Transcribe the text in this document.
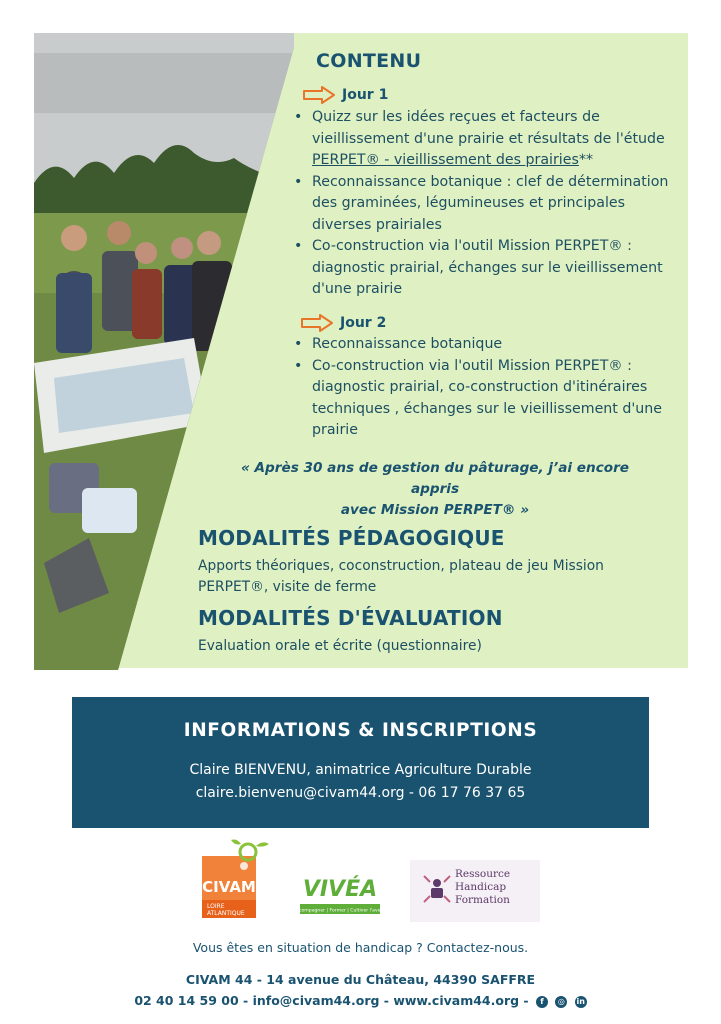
CONTENU
Jour 1
• Quizz sur les idées reçues et facteurs de vieillissement d'une prairie et résultats de l'étude PERPET® - vieillissement des prairies**
• Reconnaissance botanique : clef de détermination des graminées, légumineuses et principales diverses prairiales
• Co-construction via l'outil Mission PERPET® : diagnostic prairial, échanges sur le vieillissement d'une prairie
Jour 2
• Reconnaissance botanique
• Co-construction via l'outil Mission PERPET® : diagnostic prairial, co-construction d'itinéraires techniques , échanges sur le vieillissement d'une prairie
« Après 30 ans de gestion du pâturage, j’ai encore appris
avec Mission PERPET® »
MODALITÉS PÉDAGOGIQUE
Apports théoriques, coconstruction, plateau de jeu Mission PERPET®, visite de ferme
MODALITÉS D'ÉVALUATION
Evaluation orale et écrite (questionnaire)
INFORMATIONS & INSCRIPTIONS
Claire BIENVENU, animatrice Agriculture Durable
claire.bienvenu@civam44.org - 06 17 76 37 65
CIVAM
LOIRE
ATLANTIQUE
VIVÉA
Accompagner | Former | Cultiver l'avenir
Ressource
Handicap
Formation
Vous êtes en situation de handicap ? Contactez-nous.
CIVAM 44 - 14 avenue du Château, 44390 SAFFRE
02 40 14 59 00 - info@civam44.org - www.civam44.org - f ◎ in
